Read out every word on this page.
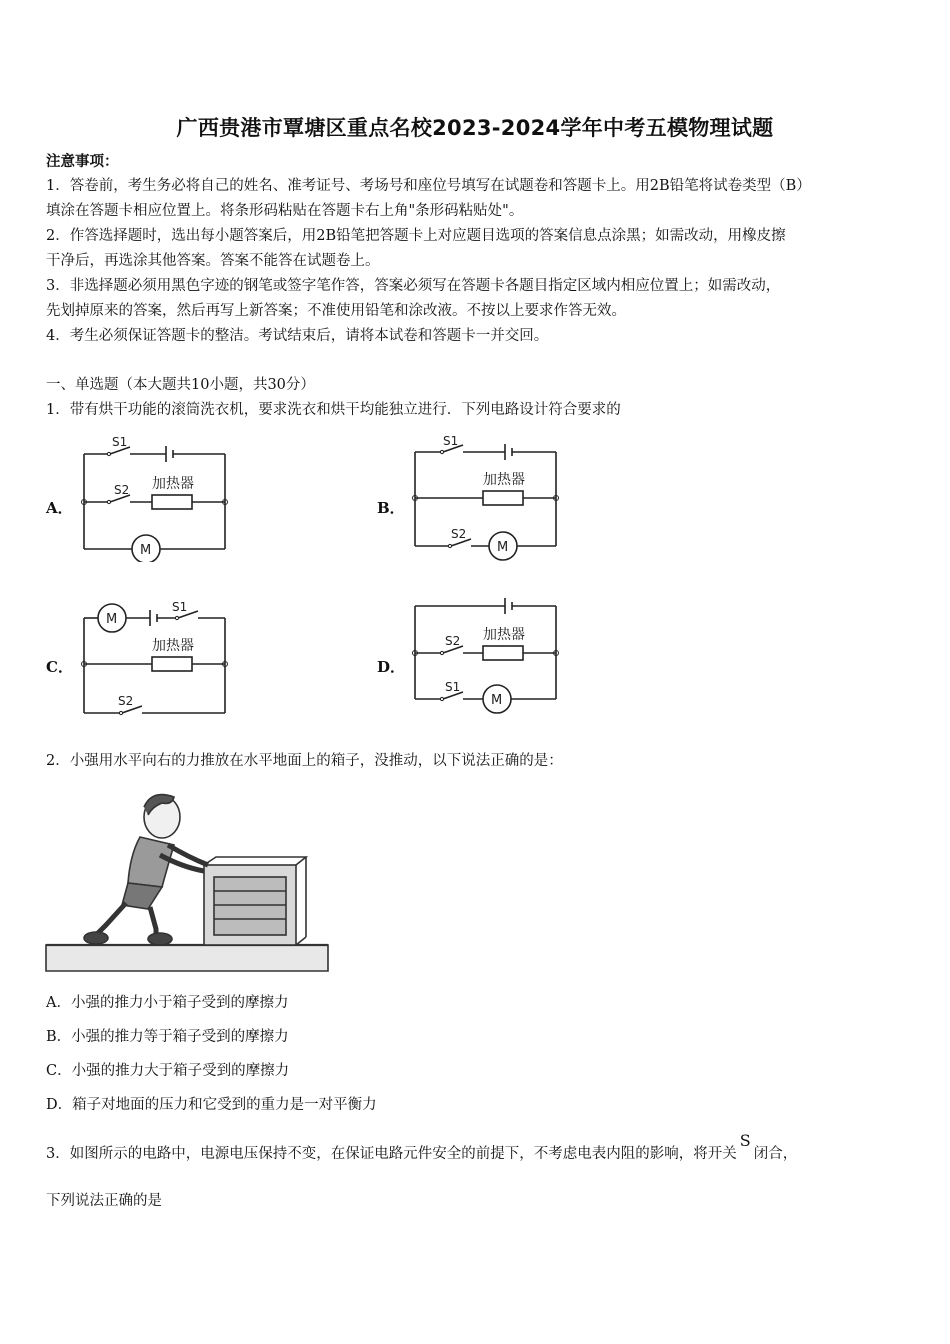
广西贵港市覃塘区重点名校2023-2024学年中考五模物理试题
注意事项：
1．答卷前，考生务必将自己的姓名、准考证号、考场号和座位号填写在试题卷和答题卡上。用2B铅笔将试卷类型（B）
填涂在答题卡相应位置上。将条形码粘贴在答题卡右上角"条形码粘贴处"。
2．作答选择题时，选出每小题答案后，用2B铅笔把答题卡上对应题目选项的答案信息点涂黑；如需改动，用橡皮擦
干净后，再选涂其他答案。答案不能答在试题卷上。
3．非选择题必须用黑色字迹的钢笔或签字笔作答，答案必须写在答题卡各题目指定区域内相应位置上；如需改动，
先划掉原来的答案，然后再写上新答案；不准使用铅笔和涂改液。不按以上要求作答无效。
4．考生必须保证答题卡的整洁。考试结束后，请将本试卷和答题卡一并交回。
一、单选题（本大题共10小题，共30分）
1．带有烘干功能的滚筒洗衣机，要求洗衣和烘干均能独立进行．下列电路设计符合要求的
A．	B．
C．	D．
S1
S2 加热器
M
S1
S2
加热器
M
M
S1
S2
加热器	S2
S1
加热器
M
2．小强用水平向右的力推放在水平地面上的箱子，没推动，以下说法正确的是：
A．小强的推力小于箱子受到的摩擦力
B．小强的推力等于箱子受到的摩擦力
C．小强的推力大于箱子受到的摩擦力
D．箱子对地面的压力和它受到的重力是一对平衡力
3．如图所示的电路中，电源电压保持不变，在保证电路元件安全的前提下，不考虑电表内阻的影响，将开关S闭合，
下列说法正确的是
